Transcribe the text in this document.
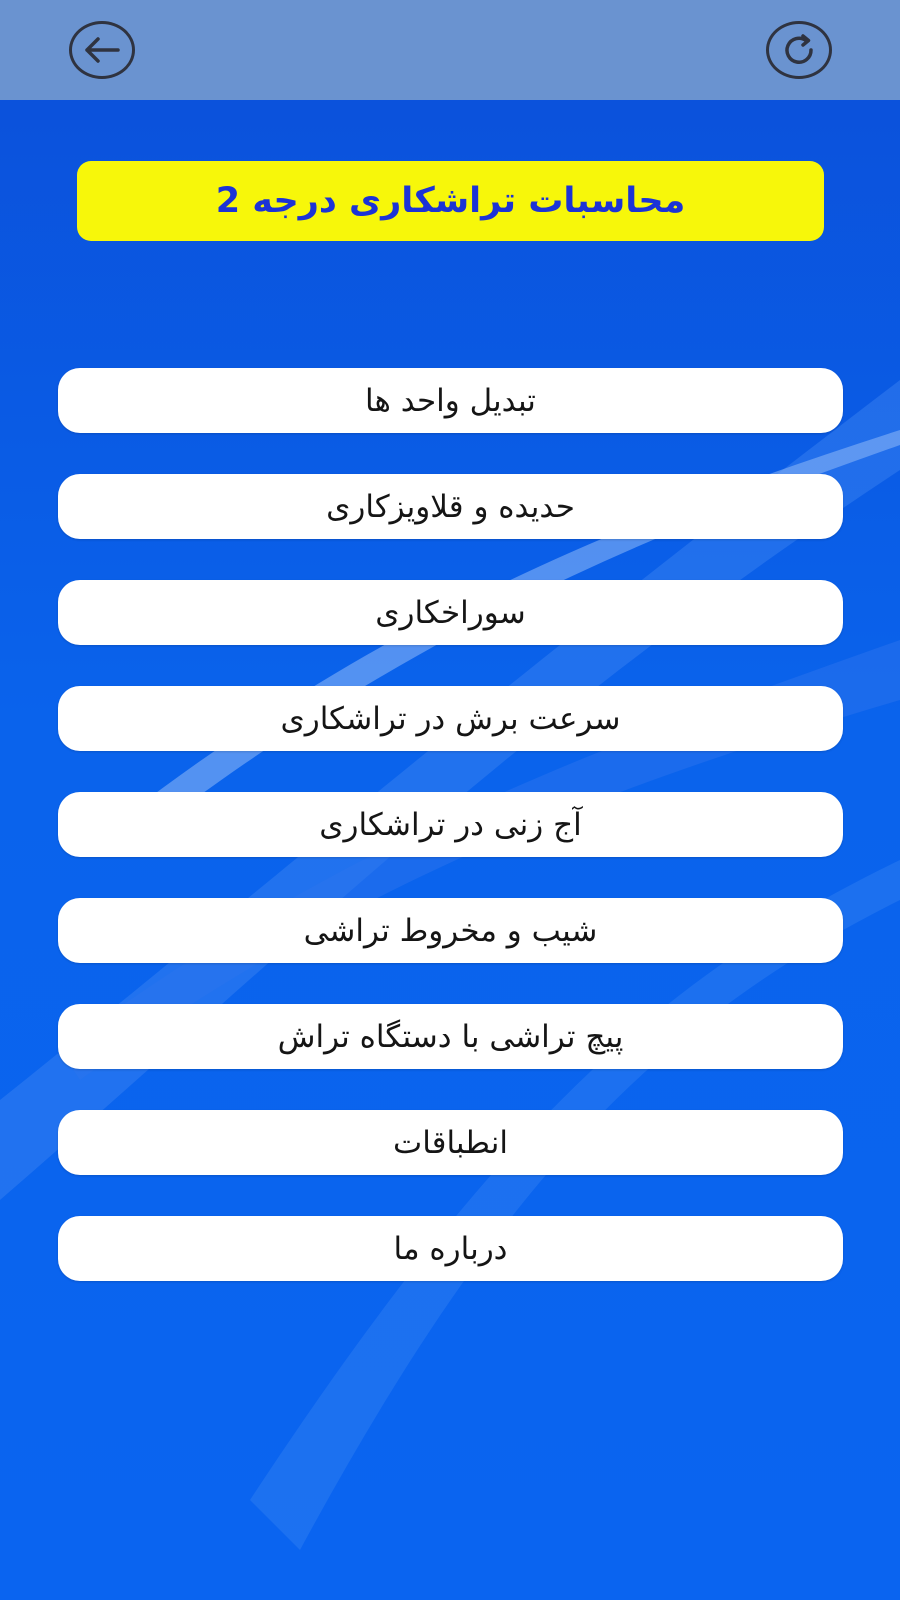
محاسبات تراشکاری درجه 2
تبدیل واحد ها
حدیده و قلاویزکاری
سوراخکاری
سرعت برش در تراشکاری
آج زنی در تراشکاری
شیب و مخروط تراشی
پیچ تراشی با دستگاه تراش
انطباقات
درباره ما
